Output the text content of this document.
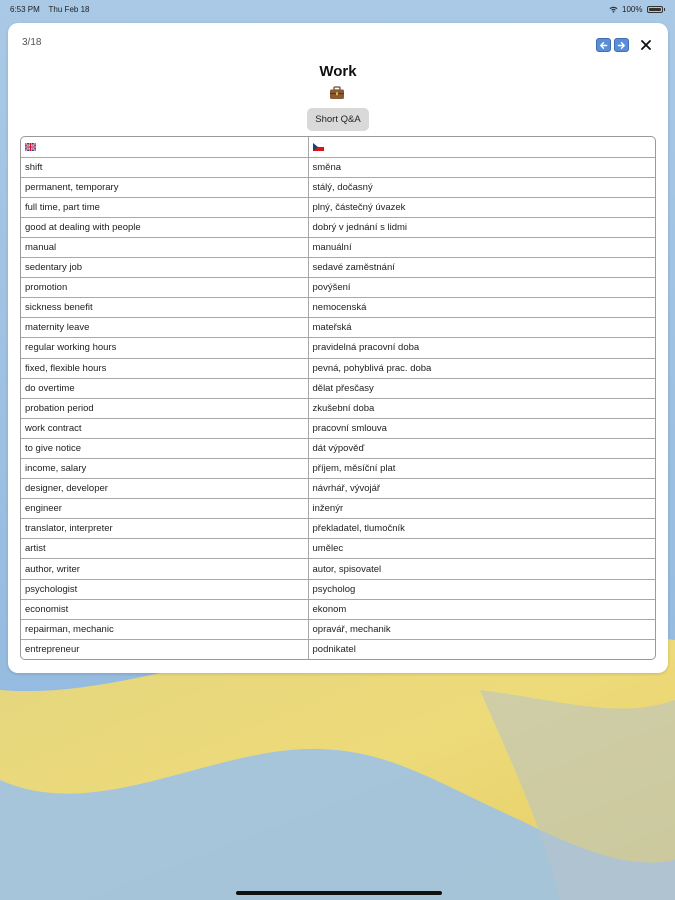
6:53 PM Thu Feb 18	100%
3/18
Work
Short Q&A

shift	směna
permanent, temporary	stálý, dočasný
full time, part time	plný, částečný úvazek
good at dealing with people	dobrý v jednání s lidmi
manual	manuální
sedentary job	sedavé zaměstnání
promotion	povýšení
sickness benefit	nemocenská
maternity leave	mateřská
regular working hours	pravidelná pracovní doba
fixed, flexible hours	pevná, pohyblivá prac. doba
do overtime	dělat přesčasy
probation period	zkušební doba
work contract	pracovní smlouva
to give notice	dát výpověď
income, salary	příjem, měsíční plat
designer, developer	návrhář, vývojář
engineer	inženýr
translator, interpreter	překladatel, tlumočník
artist	umělec
author, writer	autor, spisovatel
psychologist	psycholog
economist	ekonom
repairman, mechanic	opravář, mechanik
entrepreneur	podnikatel
